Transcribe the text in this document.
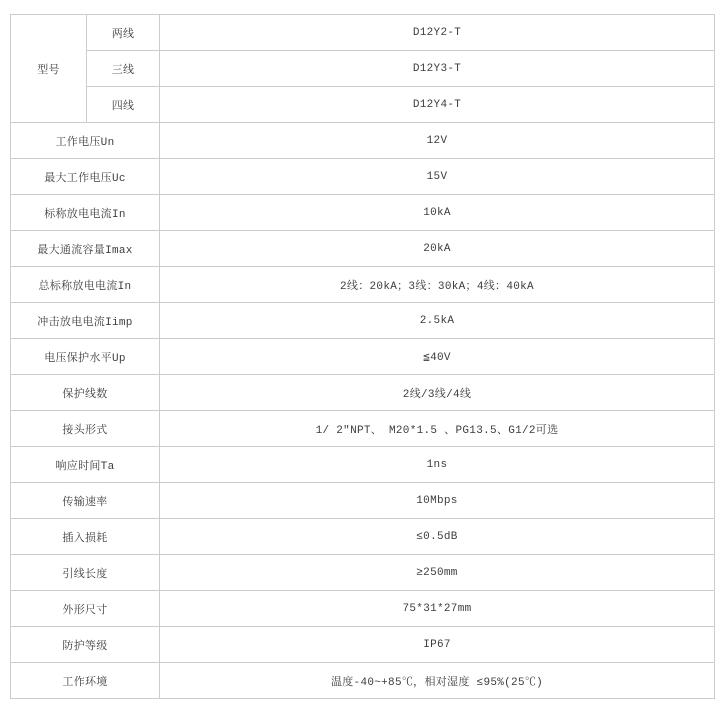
型号	两线	D12Y2-T
	三线	D12Y3-T
	四线	D12Y4-T
工作电压Un		12V
最大工作电压Uc		15V
标称放电电流In		10kA
最大通流容量Imax		20kA
总标称放电电流In		2线：20kA；3线：30kA；4线：40kA
冲击放电电流Iimp		2.5kA
电压保护水平Up		≦40V
保护线数		2线/3线/4线
接头形式		1/ 2″NPT、 M20*1.5 、PG13.5、G1/2可选
响应时间Ta		1ns
传输速率		10Mbps
插入损耗		≤0.5dB
引线长度		≥250mm
外形尺寸		75*31*27mm
防护等级		IP67
工作环境		温度-40~+85℃，相对湿度 ≤95%(25℃)
